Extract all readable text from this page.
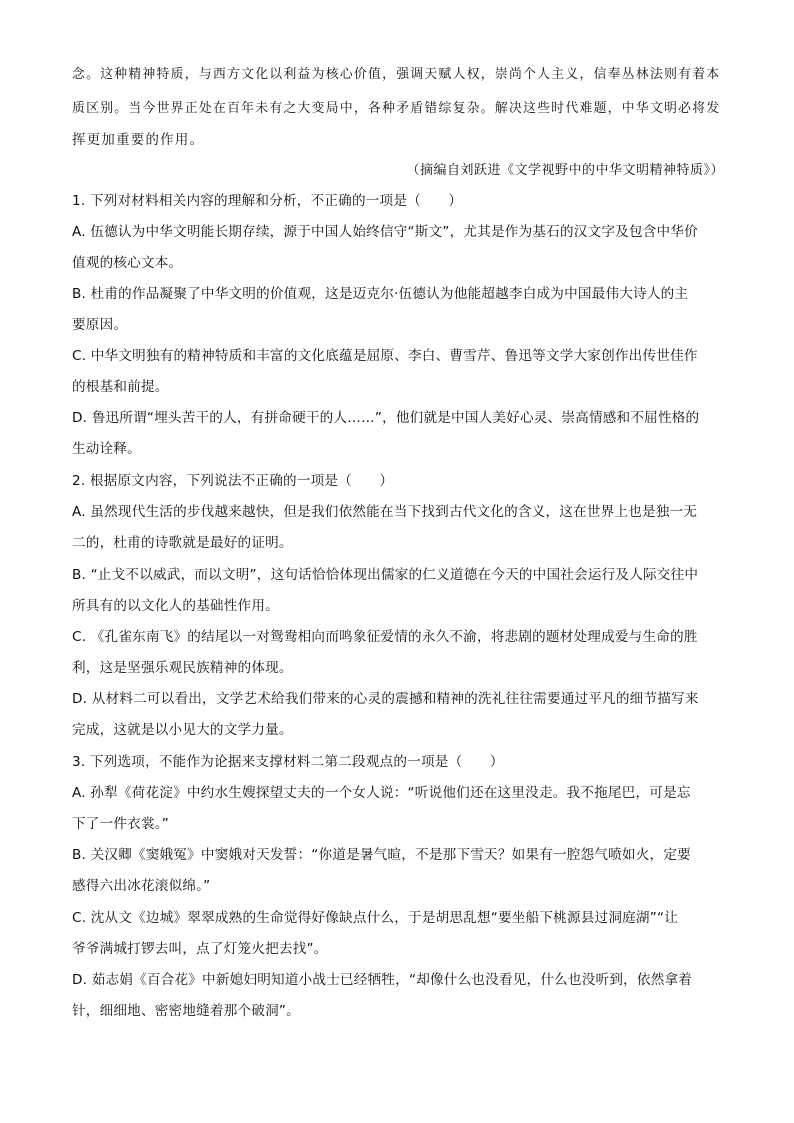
念。这种精神特质，与西方文化以利益为核心价值，强调天赋人权，崇尚个人主义，信奉丛林法则有着本
质区别。当今世界正处在百年未有之大变局中，各种矛盾错综复杂。解决这些时代难题，中华文明必将发
挥更加重要的作用。
（摘编自刘跃进《文学视野中的中华文明精神特质》）
1. 下列对材料相关内容的理解和分析，不正确的一项是（　　）
A. 伍德认为中华文明能长期存续，源于中国人始终信守“斯文”，尤其是作为基石的汉文字及包含中华价
值观的核心文本。
B. 杜甫的作品凝聚了中华文明的价值观，这是迈克尔·伍德认为他能超越李白成为中国最伟大诗人的主
要原因。
C. 中华文明独有的精神特质和丰富的文化底蕴是屈原、李白、曹雪芹、鲁迅等文学大家创作出传世佳作
的根基和前提。
D. 鲁迅所谓“埋头苦干的人，有拼命硬干的人……”，他们就是中国人美好心灵、崇高情感和不屈性格的
生动诠释。
2. 根据原文内容，下列说法不正确的一项是（　　）
A. 虽然现代生活的步伐越来越快，但是我们依然能在当下找到古代文化的含义，这在世界上也是独一无
二的，杜甫的诗歌就是最好的证明。
B. “止戈不以威武，而以文明”，这句话恰恰体现出儒家的仁义道德在今天的中国社会运行及人际交往中
所具有的以文化人的基础性作用。
C. 《孔雀东南飞》的结尾以一对鸳鸯相向而鸣象征爱情的永久不渝，将悲剧的题材处理成爱与生命的胜
利，这是坚强乐观民族精神的体现。
D. 从材料二可以看出，文学艺术给我们带来的心灵的震撼和精神的洗礼往往需要通过平凡的细节描写来
完成，这就是以小见大的文学力量。
3. 下列选项，不能作为论据来支撑材料二第二段观点的一项是（　　）
A. 孙犁《荷花淀》中约水生嫂探望丈夫的一个女人说：“听说他们还在这里没走。我不拖尾巴，可是忘
下了一件衣裳。”
B. 关汉卿《窦娥冤》中窦娥对天发誓：“你道是暑气暄，不是那下雪天？如果有一腔怨气喷如火，定要
感得六出冰花滚似绵。”
C. 沈从文《边城》翠翠成熟的生命觉得好像缺点什么，于是胡思乱想“要坐船下桃源县过洞庭湖”“让
爷爷满城打锣去叫，点了灯笼火把去找”。
D. 茹志娟《百合花》中新媳妇明知道小战士已经牺牲，“却像什么也没看见，什么也没听到，依然拿着
针，细细地、密密地缝着那个破洞”。
